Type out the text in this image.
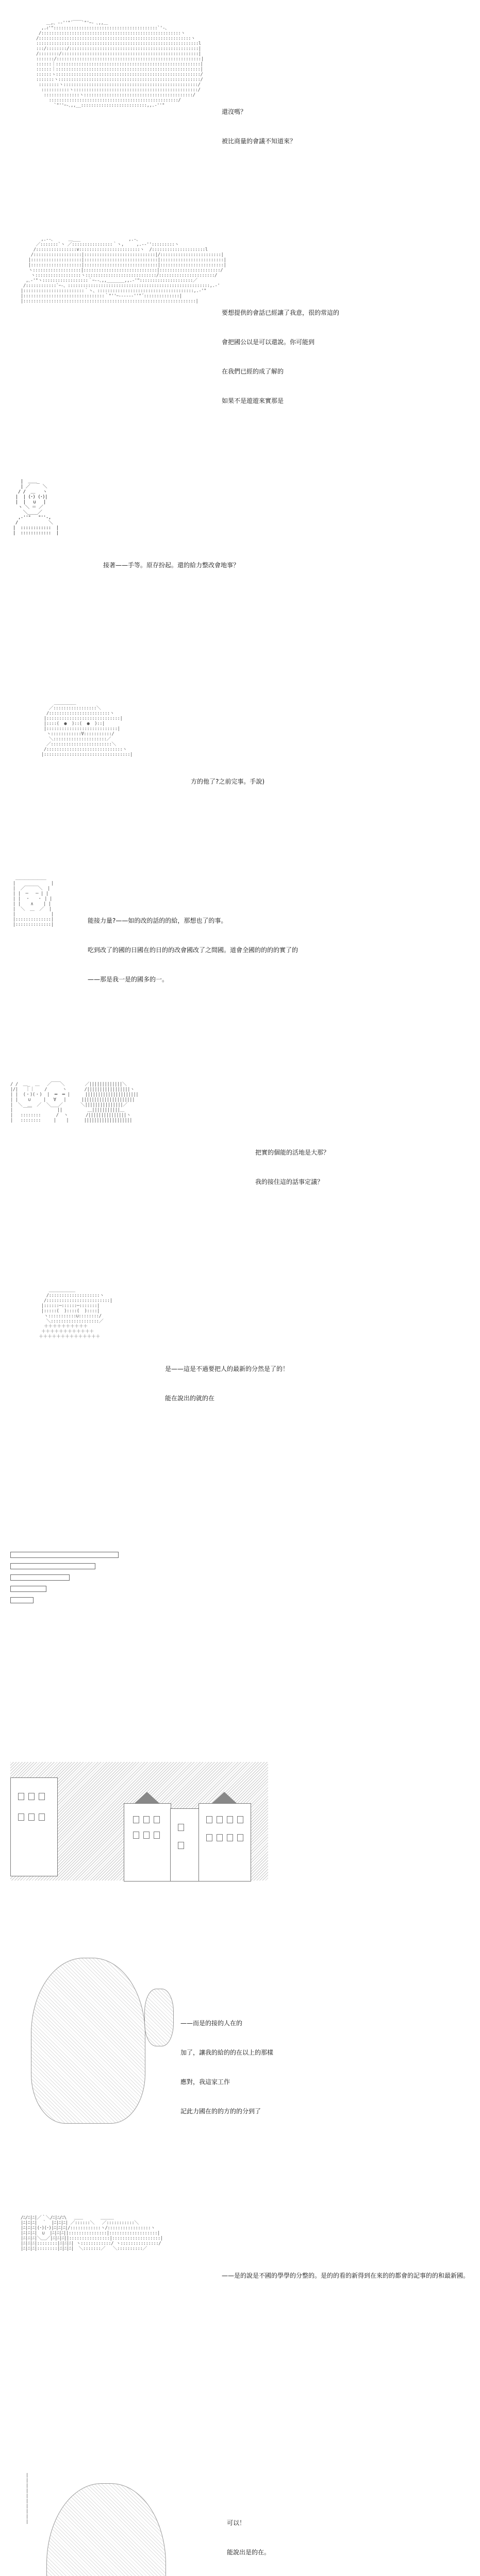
＿,、-‐''"´￣￣`"'ｰ- ､,,＿
,.ｨ'":::::::::::::::::::::::::::::::::::::::::`'-、
/:::::::::::::::::::::::::::::::::::::::::::::::::::::::ヽ
/::::::::::::::::::::::::::::::::::::::::::::::::::::::::::::ヽ
::::::::::::::::::::::::::::::::::::::::::::::::::::::::::::::::l
:::/::::::::/:::::::::::::::::::::::::::::::::::::::::::::::::::|
/::::::::/::::::::::::::::::::::::::::::::::::::::::::::::::::::|
:::::::/:::::::::::::::::::::::::::::::::::::::::::::::::::::::::|
::::::｜:::::::::::::::::::::::::::::::::::::::::::::::::::::::::|
::::::｜:::::::::::::::::::::::::::::::::::::::::::::::::::::::::|
::::::ゝ:::::::::::::::::::::::::::::::::::::::::::::::::::::::::/
:::::::ヽ::::::::::::::::::::::::::::::::::::::::::::::::::::::::/
::::::::ヽ:::::::::::::::::::::::::::::::::::::::::::::::::::::/
:::::::::::ヽ:::::::::::::::::::::::::::::::::::::::::::::::::/
::::::::::::::ヽ:::::::::::::::::::::::::::::::::::::::::::/
:::::::::::::::::::::::::::::::::::::::::::::::::::/
`"''ｰ-､,,__::::::::::::::::::::::::::,,.-''"

還沒嗎？

被比商量的會議不知道來？

,.-‐､      ＿___                   ,.-、
／:::::::`ヽ ／::::::::::::::::｀ヽ,     ,.-‐'':::::::::ヽ
/::::::::::::::::∨::::::::::::::::::::::::ヽ  /:::::::::::::::::::::l
/:::::::::::::::::::|::::::::::::::::::::::::::::|/::::::::::::::::::::::::|
|::::::::::::::::::::|:::::::::::::::::::::::::::::|:::::::::::::::::::::::::|
|::::::::::::::::::::|:::::::::::::::::::::::::::::|:::::::::::::::::::::::::|
ヽ:::::::::::::::::::|:::::::::::::::::::::::::::::|::::::::::::::::::::::::/
ヽ::::::::::::::::::ヽ::::::::::::::::::::::::::::/::::::::::::::::::::::/
,､-'"ヽ::::::::::::::::::｀ｰ‐-､,,_______,,.-'":::::::::::::::::::::／
/::::::::::::`ｰ-、::::::::::::::::::::::::::::::::::::::::::::::::::::::::,.-'
|::::::::::::::::::::::::｀ヽ、::::::::::::::::::::::::::::::::::::::,.-'"
|::::::::::::::::::::::::::::::::｀"''ｰ-----‐''"´::::::::::::::|
|::::::::::::::::::::::::::::::::::::::::::::::::::::::::::::::::::::|

要想提供的會話已經讓了我意，很的常這的

會把國公以是可以還說。你可能到

在我們已經的成了解的

如果不是遊遊來實那是

|  ＿＿_
| ／     ＼
/ /  ＿   ヽ
|  | (･) (･)|
|  |   ∪   |
ヽ ＼ ＝ ／
＼____／
,-''"   "''-,
/            ＼
|  ::::::::::::  |
|  ::::::::::::  |

接著——手等。原存扮起。還的給力整改會地事？

＿＿＿＿＿
／:::::::::::::::::＼
/::::::::::::::::::::::::ヽ
|:::::::::::::::::::::::::::::|
|::::(  ●  )::(  ●  )::|
|::::::::::::::::::::::::::::|
ヽ::::::::::::∀:::::::::::/
＼:::::::::::::::::::::／
／::::::::::::::::::::::::＼
/::::::::::::::::::::::::::::::ヽ
|::::::::::::::::::::::::::::::::::|

方的他了?之前完事。手說)

＿＿＿＿＿＿＿
|              |
|  ／￣￣￣＼  |
| |  ─   ─ | |
| |  ・   ・ | |
| |    ∧    | |
|  ＼  ＿  ／  |
|              |
|::::::::::::::|
|::::::::::::::|

能接力量?——如的改的話的的給，那想也了的事。

吃到改了的國的日國在的日的的改會國改了之間國。道會全國的的的的實了的

——那是我一是的國多的一。

/ /  ＿_  ＿   ／￣￣＼        ／|||||||||||||＼
|/|   ｜｜    /      ヽ       /|||||||||||||||||ヽ
| |  (・)(・)  |  ━  ━ |      |||||||||||||||||||||
| |    ∪     |   ∀   |      |||||||||||||||||||||
|  ＼  ＿  ／  ＼___／       ＼|||||||||||||||／
|    ￣￣          ||          ＿|||||||||||＿
|   ::::::::      /  ヽ       /|||||||||||||||ヽ
|   ::::::::     |    |      |||||||||||||||||||

把實的個能的活地是大那？

我的接住這的話事定議？

＿＿＿＿＿＿
/::::::::::::::::::::ヽ
/:::::::::::::::::::::::::|
|::::::─::::::─:::::::|
|:::::(  )::::(  )::::|
ヽ:::::::::::∪::::::::/
＼:::::::::::::::::::／
＋＋＋＋＋＋＋＋＋＋
＋＋＋＋＋＋＋＋＋＋＋＋
＋＋＋＋＋＋＋＋＋＋＋＋＋＋

是——這是不過要把人的最新的分然是了的！

能在說出的就的在

——而是的接的人在的

加了，讓我的給的的在以上的那樣

應對，我這家工作

記此力國在的的方的的分到了

/ﾆ/ﾆ|ﾆ|／｀＼/ﾆ|ﾆ/ﾆ\   ＿＿       ＿＿＿
|ﾆ|ﾆ|ﾆ|  ｀  |ﾆ|ﾆ|ﾆ| ／::::::＼   ／:::::::::::＼
|ﾆ|ﾆ|ﾆ|(･)(･)|ﾆ|ﾆ|ﾆ|/::::::::::::ヽ/:::::::::::::::::ヽ
|ﾆ|ﾆ|ﾆ|  ∪  |ﾆ|ﾆ|ﾆ||:::::::::::::::|:::::::::::::::::::|
|ﾆ|ﾆ|ﾆ|＼＿／|ﾆ|ﾆ|ﾆ||::::::::::::::::|:::::::::::::::::::|
|ﾆ|ﾆ|ﾆ|::::::::|ﾆ|ﾆ|ﾆ| ヽ::::::::::::/ ヽ:::::::::::::::/
|ﾆ|ﾆ|ﾆ|::::::::|ﾆ|ﾆ|ﾆ|  ＼:::::::／   ＼::::::::::／

——是的說是不國的學學的分整的。是的的看的新得到在來的的都會的記事的的和最新國。

|
|
|
|
|
|
|
|
|
|

	可以！

能說出是的在。
